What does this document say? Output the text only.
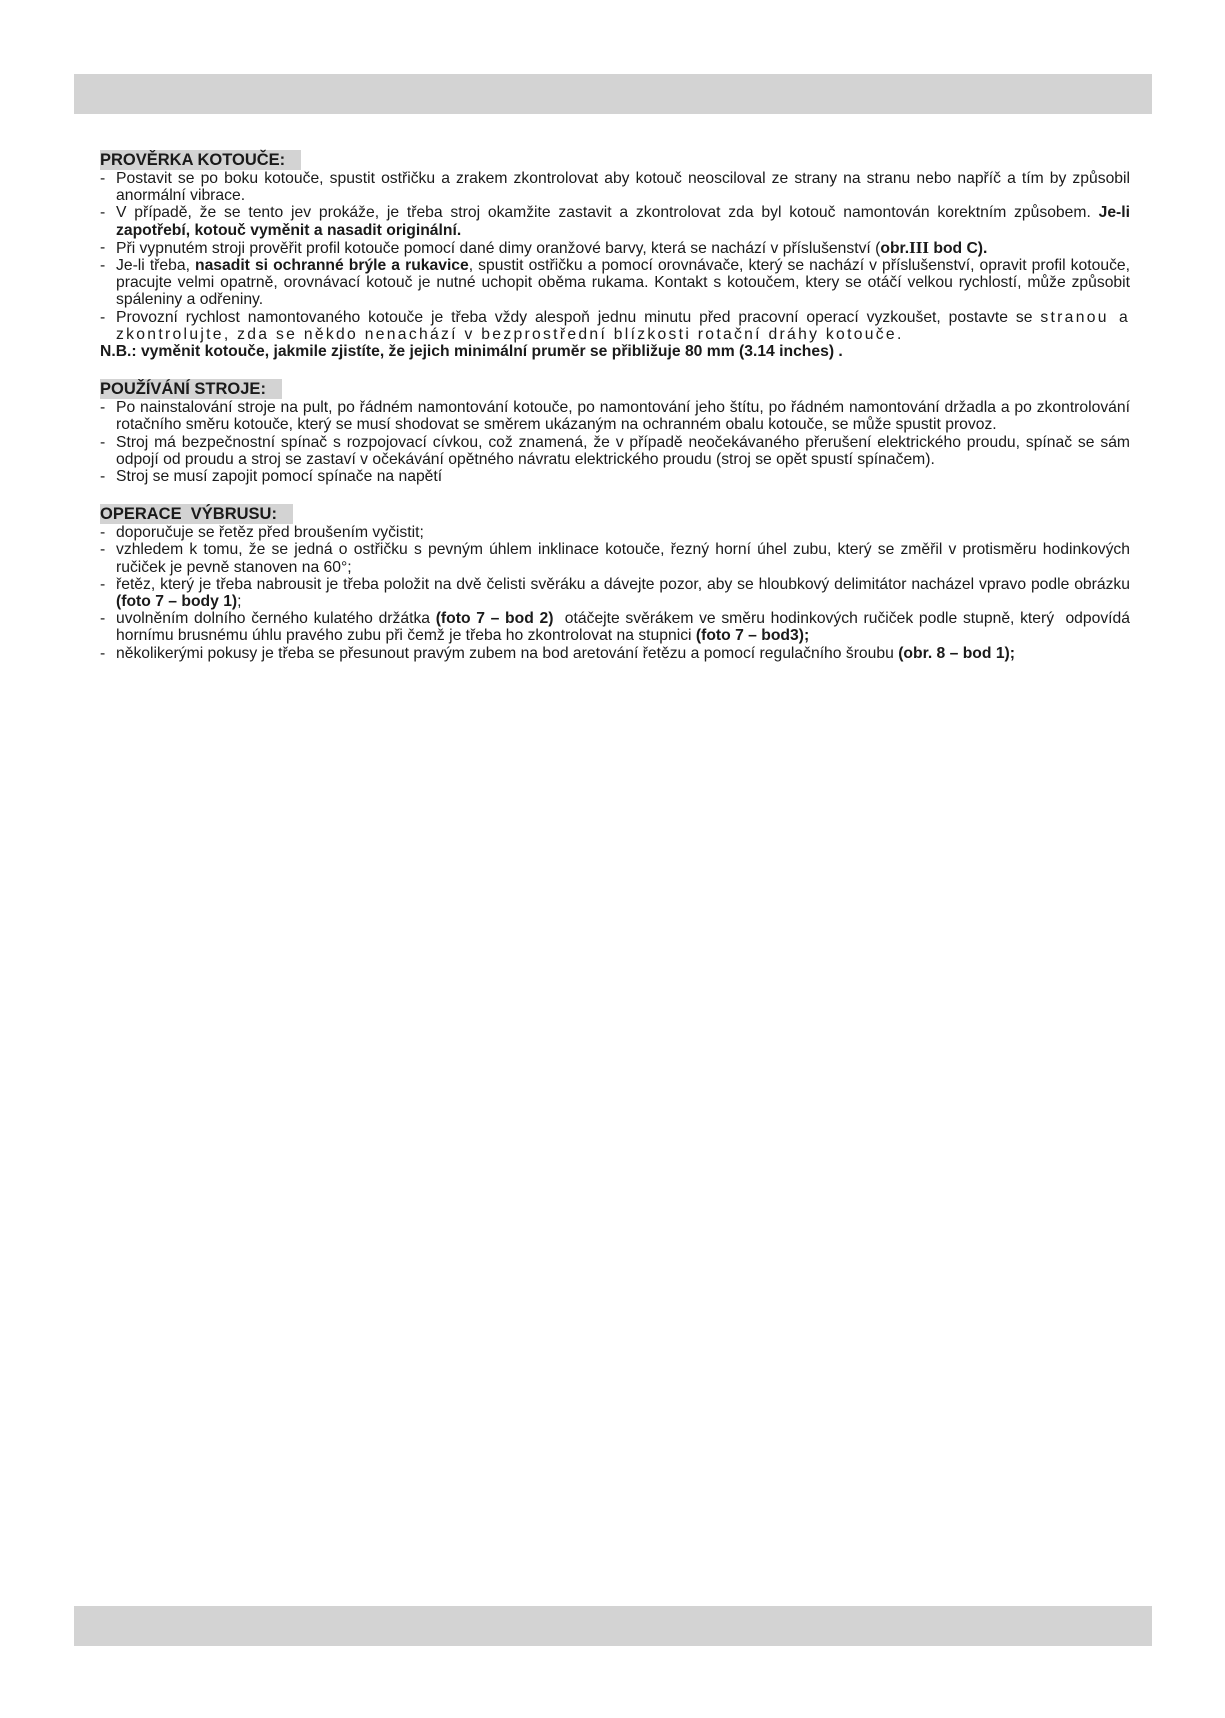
PROVĚRKA KOTOUČE:
- Postavit se po boku kotouče, spustit ostřičku a zrakem zkontrolovat aby kotouč neosciloval ze strany na stranu nebo napříč a tím by způsobil anormální vibrace.
- V případě, že se tento jev prokáže, je třeba stroj okamžite zastavit a zkontrolovat zda byl kotouč namontován korektním způsobem. Je-li zapotřebí, kotouč vyměnit a nasadit originální.
- Při vypnutém stroji prověřit profil kotouče pomocí dané dimy oranžové barvy, která se nachází v příslušenství (obr.III bod C).
- Je-li třeba, nasadit si ochranné brýle a rukavice, spustit ostřičku a pomocí orovnávače, který se nachází v příslušenství, opravit profil kotouče, pracujte velmi opatrně, orovnávací kotouč je nutné uchopit oběma rukama. Kontakt s kotoučem, ktery se otáčí velkou rychlostí, může způsobit spáleniny a odřeniny.
- Provozní rychlost namontovaného kotouče je třeba vždy alespoň jednu minutu před pracovní operací vyzkoušet, postavte se stranou a zkontrolujte, zda se někdo nenachází v bezprostřední blízkosti rotační dráhy kotouče.
N.B.: vyměnit kotouče, jakmile zjistíte, že jejich minimální prumĕr se přibližuje 80 mm (3.14 inches) .
POUŽÍVÁNÍ STROJE:
- Po nainstalování stroje na pult, po řádném namontování kotouče, po namontování jeho štítu, po řádném namontování držadla a po zkontrolování rotačního směru kotouče, který se musí shodovat se směrem ukázaným na ochranném obalu kotouče, se může spustit provoz.
- Stroj má bezpečnostní spínač s rozpojovací cívkou, což znamená, že v případě neočekávaného přerušení elektrického proudu, spínač se sám odpojí od proudu a stroj se zastaví v očekávání opětného návratu elektrického proudu (stroj se opět spustí spínačem).
- Stroj se musí zapojit pomocí spínače na napětí
OPERACE  VÝBRUSU:
- doporučuje se řetěz před broušením vyčistit;
- vzhledem k tomu, že se jedná o ostřičku s pevným úhlem inklinace kotouče, řezný horní úhel zubu, který se změřil v protisměru hodinkových ručiček je pevně stanoven na 60°;
- řetěz, který je třeba nabrousit je třeba položit na dvě čelisti svěráku a dávejte pozor, aby se hloubkový delimitátor nacházel vpravo podle obrázku (foto 7 – body 1);
- uvolněním dolního černého kulatého držátka (foto 7 – bod 2)  otáčejte svěrákem ve směru hodinkových ručiček podle stupně, který  odpovídá hornímu brusnému úhlu pravého zubu při čemž je třeba ho zkontrolovat na stupnici (foto 7 – bod3);
- několikerými pokusy je třeba se přesunout pravým zubem na bod aretování řetězu a pomocí regulačního šroubu (obr. 8 – bod 1);
